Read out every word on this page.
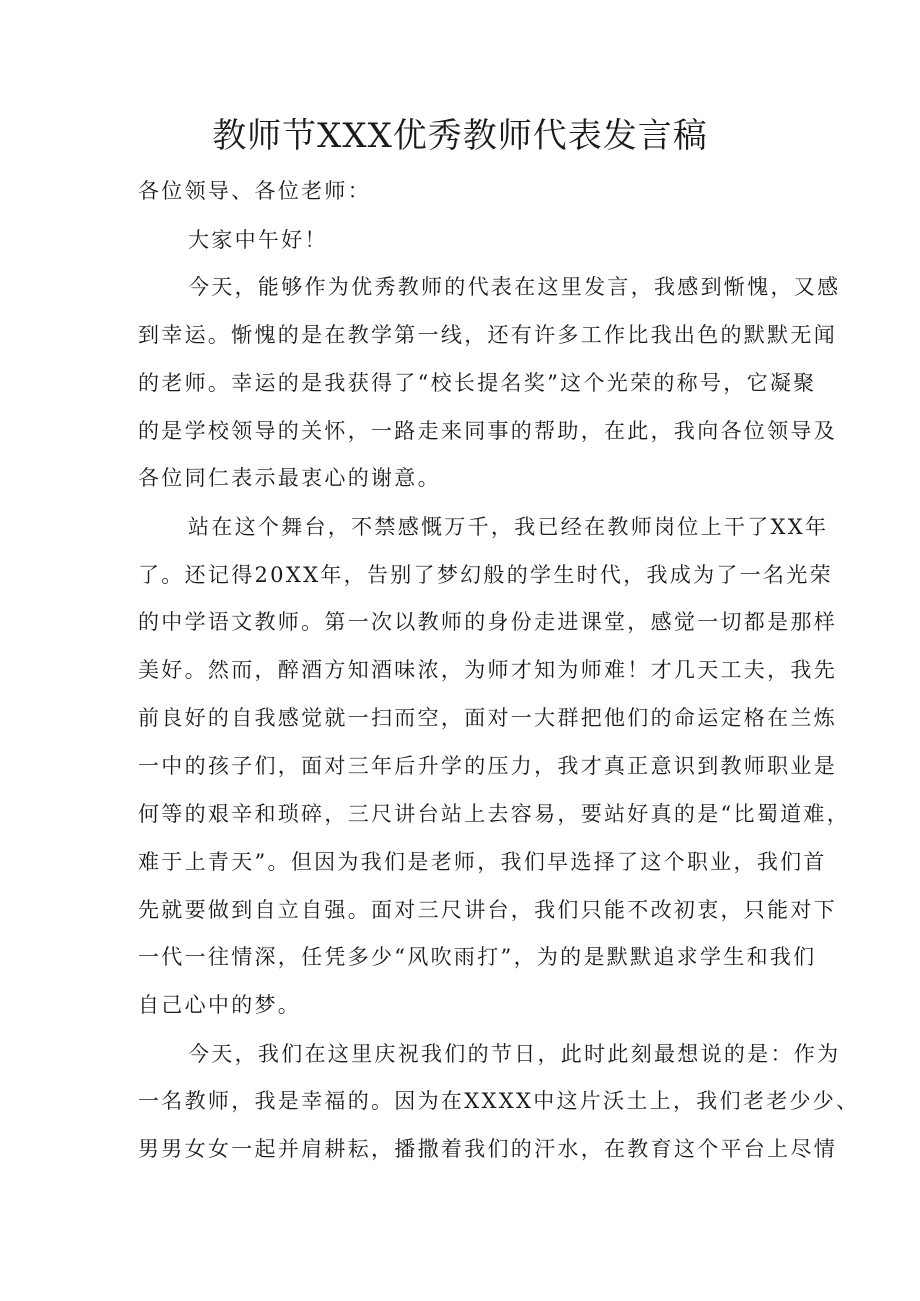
教师节XXX优秀教师代表发言稿

各位领导、各位老师：

大家中午好！

今天，能够作为优秀教师的代表在这里发言，我感到惭愧，又感

到幸运。惭愧的是在教学第一线，还有许多工作比我出色的默默无闻

的老师。幸运的是我获得了“校长提名奖”这个光荣的称号，它凝聚

的是学校领导的关怀，一路走来同事的帮助，在此，我向各位领导及

各位同仁表示最衷心的谢意。

站在这个舞台，不禁感慨万千，我已经在教师岗位上干了XX年

了。还记得20XX年，告别了梦幻般的学生时代，我成为了一名光荣

的中学语文教师。第一次以教师的身份走进课堂，感觉一切都是那样

美好。然而，醉酒方知酒味浓，为师才知为师难！才几天工夫，我先

前良好的自我感觉就一扫而空，面对一大群把他们的命运定格在兰炼

一中的孩子们，面对三年后升学的压力，我才真正意识到教师职业是

何等的艰辛和琐碎，三尺讲台站上去容易，要站好真的是“比蜀道难，

难于上青天”。但因为我们是老师，我们早选择了这个职业，我们首

先就要做到自立自强。面对三尺讲台，我们只能不改初衷，只能对下

一代一往情深，任凭多少“风吹雨打”，为的是默默追求学生和我们

自己心中的梦。

今天，我们在这里庆祝我们的节日，此时此刻最想说的是：作为

一名教师，我是幸福的。因为在XXXX中这片沃土上，我们老老少少、

男男女女一起并肩耕耘，播撒着我们的汗水，在教育这个平台上尽情
